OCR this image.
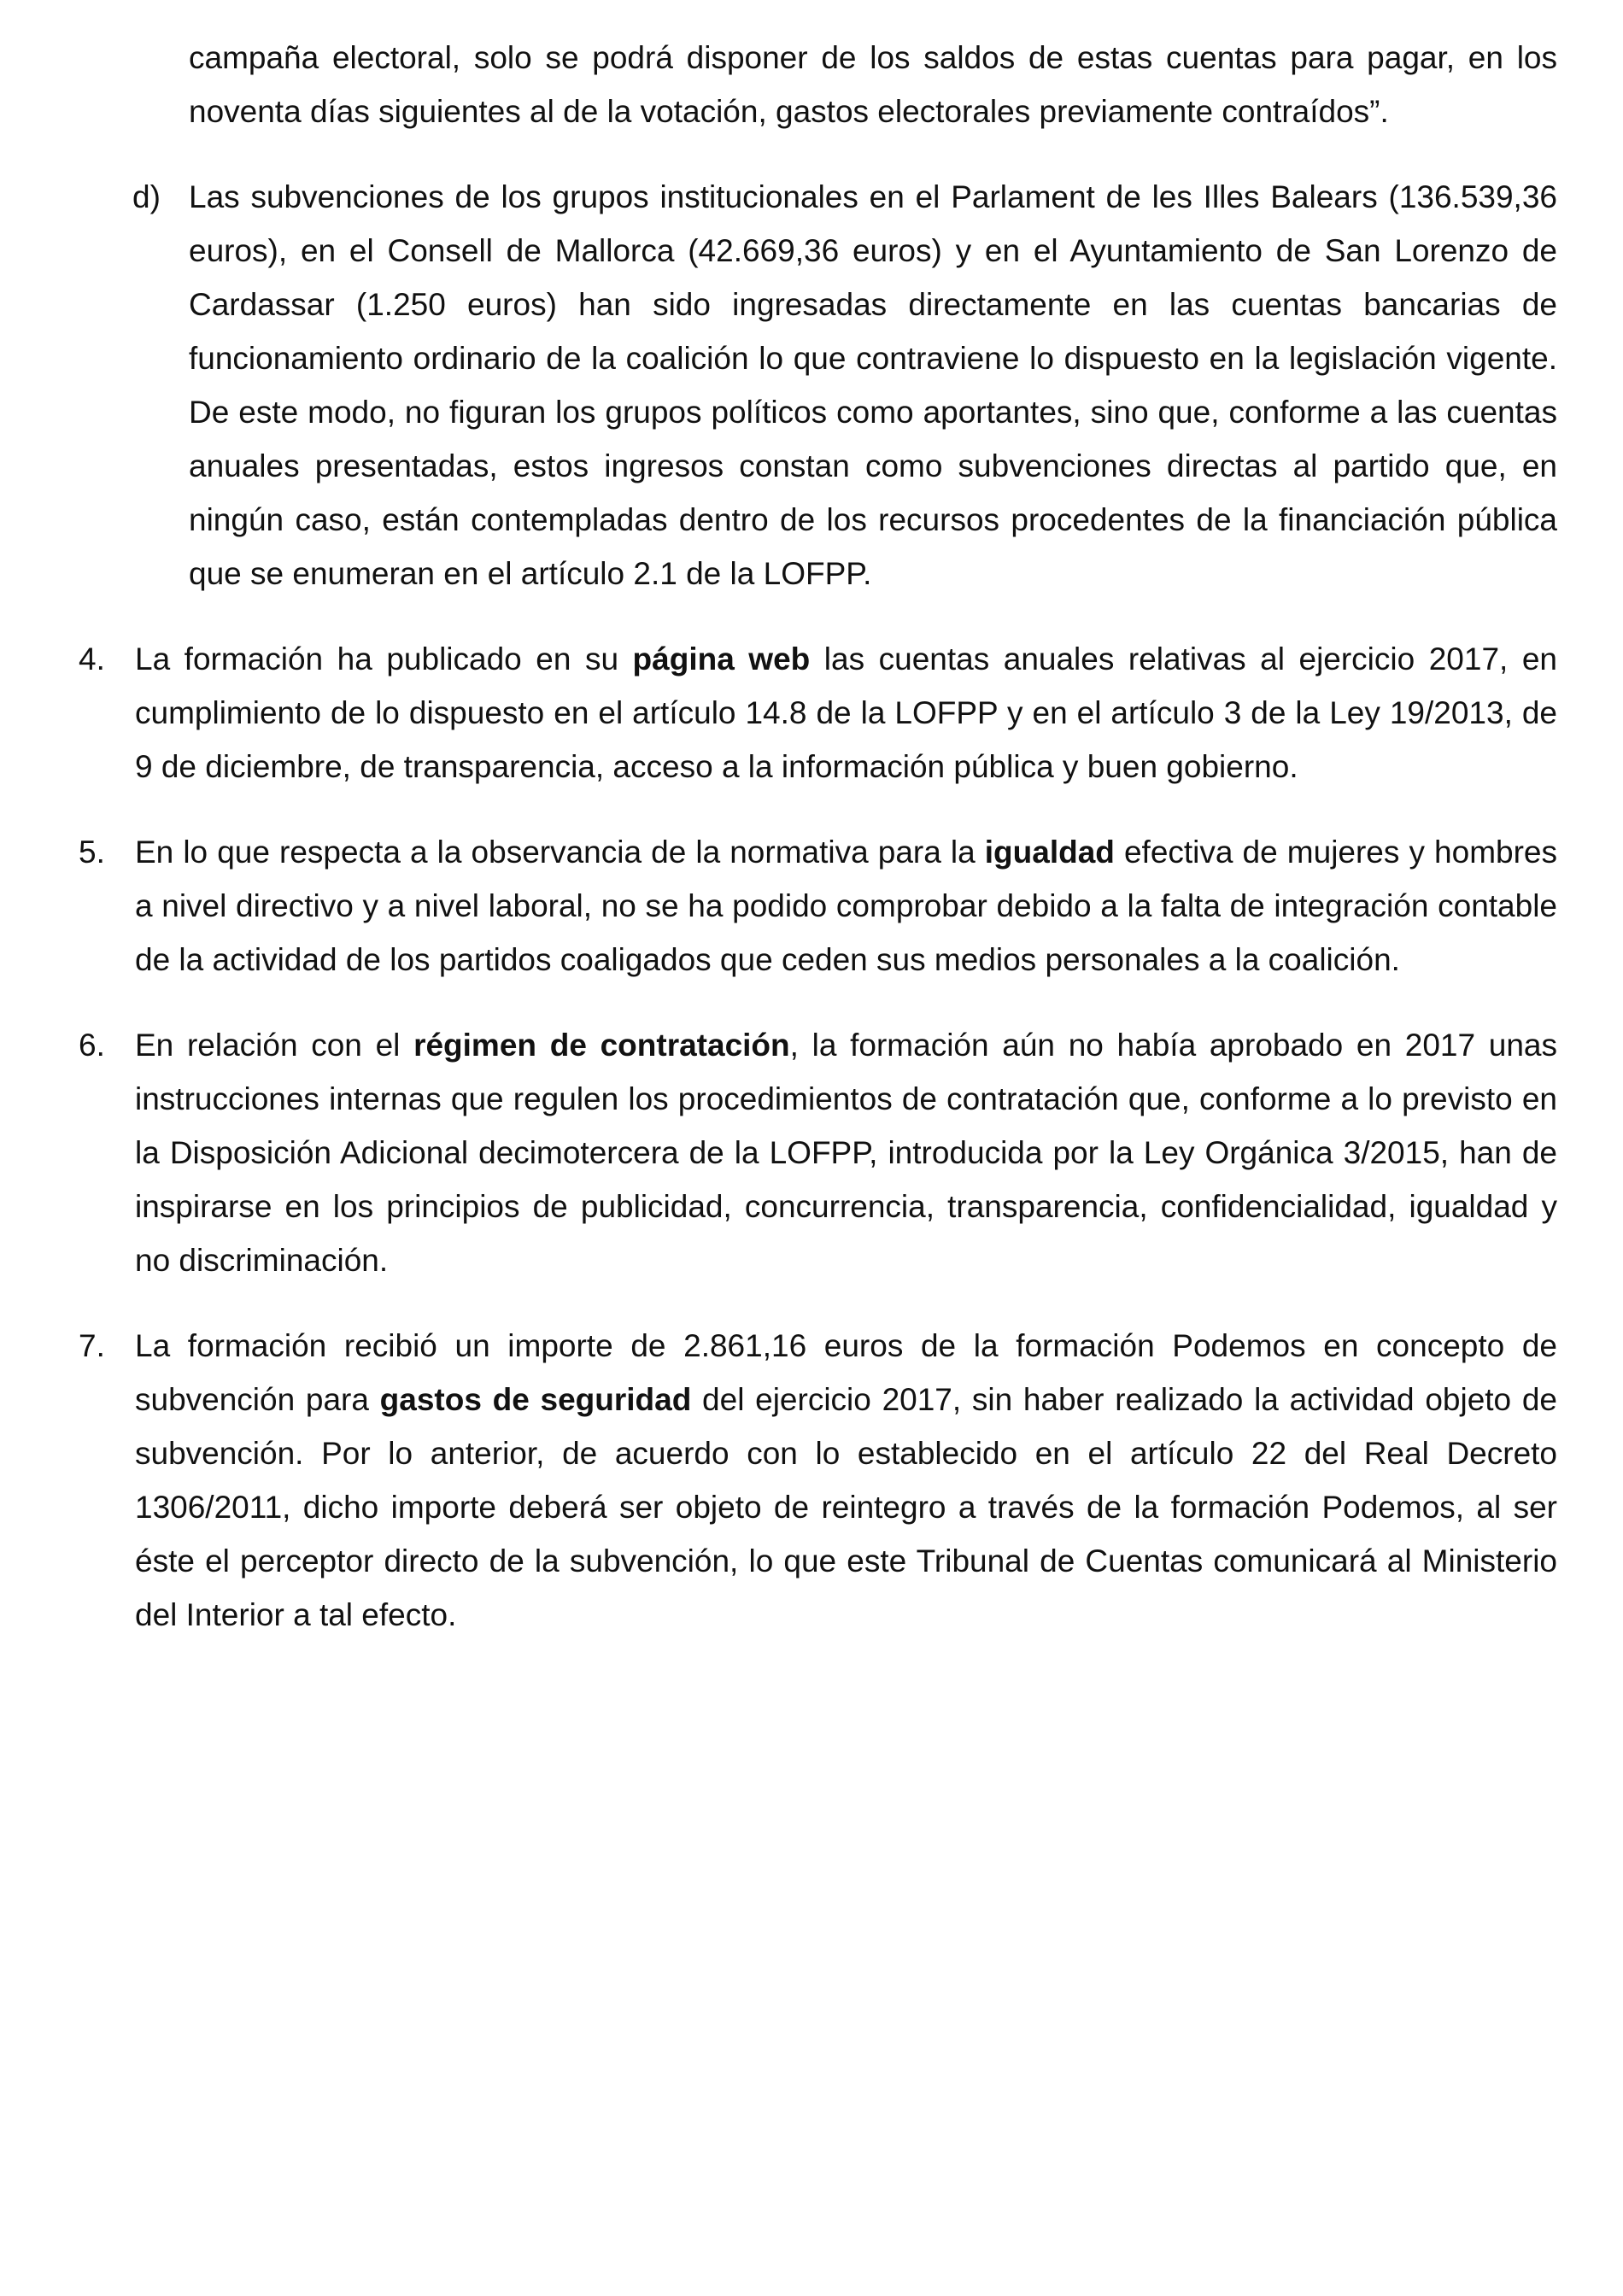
campaña electoral, solo se podrá disponer de los saldos de estas cuentas para pagar, en los noventa días siguientes al de la votación, gastos electorales previamente contraídos”.
d) Las subvenciones de los grupos institucionales en el Parlament de les Illes Balears (136.539,36 euros), en el Consell de Mallorca (42.669,36 euros) y en el Ayuntamiento de San Lorenzo de Cardassar (1.250 euros) han sido ingresadas directamente en las cuentas bancarias de funcionamiento ordinario de la coalición lo que contraviene lo dispuesto en la legislación vigente. De este modo, no figuran los grupos políticos como aportantes, sino que, conforme a las cuentas anuales presentadas, estos ingresos constan como subvenciones directas al partido que, en ningún caso, están contempladas dentro de los recursos procedentes de la financiación pública que se enumeran en el artículo 2.1 de la LOFPP.
4. La formación ha publicado en su página web las cuentas anuales relativas al ejercicio 2017, en cumplimiento de lo dispuesto en el artículo 14.8 de la LOFPP y en el artículo 3 de la Ley 19/2013, de 9 de diciembre, de transparencia, acceso a la información pública y buen gobierno.
5. En lo que respecta a la observancia de la normativa para la igualdad efectiva de mujeres y hombres a nivel directivo y a nivel laboral, no se ha podido comprobar debido a la falta de integración contable de la actividad de los partidos coaligados que ceden sus medios personales a la coalición.
6. En relación con el régimen de contratación, la formación aún no había aprobado en 2017 unas instrucciones internas que regulen los procedimientos de contratación que, conforme a lo previsto en la Disposición Adicional decimotercera de la LOFPP, introducida por la Ley Orgánica 3/2015, han de inspirarse en los principios de publicidad, concurrencia, transparencia, confidencialidad, igualdad y no discriminación.
7. La formación recibió un importe de 2.861,16 euros de la formación Podemos en concepto de subvención para gastos de seguridad del ejercicio 2017, sin haber realizado la actividad objeto de subvención. Por lo anterior, de acuerdo con lo establecido en el artículo 22 del Real Decreto 1306/2011, dicho importe deberá ser objeto de reintegro a través de la formación Podemos, al ser éste el perceptor directo de la subvención, lo que este Tribunal de Cuentas comunicará al Ministerio del Interior a tal efecto.
